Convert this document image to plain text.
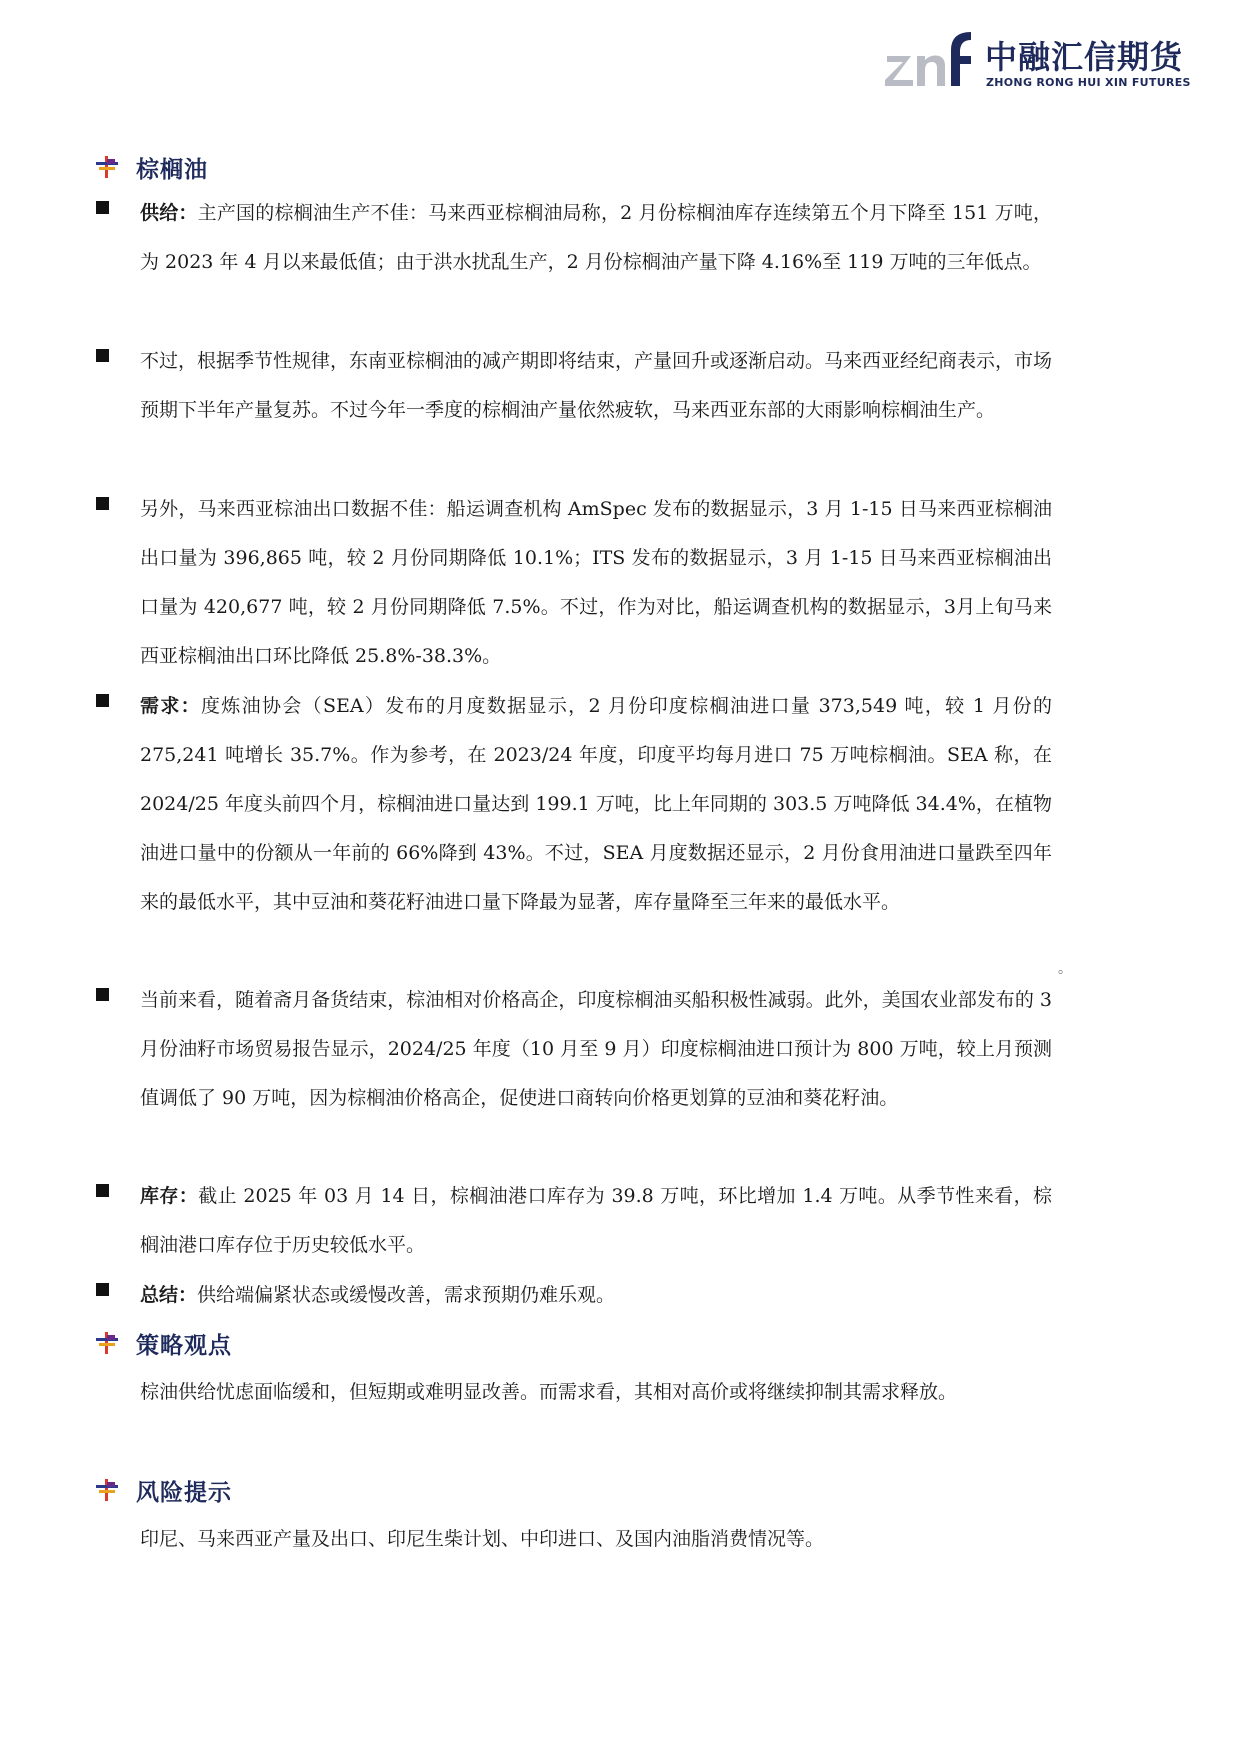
中融汇信期货
ZHONG RONG HUI XIN FUTURES
棕榈油

供给：主产国的棕榈油生产不佳：马来西亚棕榈油局称，2 月份棕榈油库存连续第五个月下降至 151 万吨，为 2023 年 4 月以来最低值；由于洪水扰乱生产，2 月份棕榈油产量下降 4.16%至 119 万吨的三年低点。

不过，根据季节性规律，东南亚棕榈油的减产期即将结束，产量回升或逐渐启动。马来西亚经纪商表示，市场预期下半年产量复苏。不过今年一季度的棕榈油产量依然疲软，马来西亚东部的大雨影响棕榈油生产。

另外，马来西亚棕油出口数据不佳：船运调查机构 AmSpec 发布的数据显示，3 月 1-15 日马来西亚棕榈油出口量为 396,865 吨，较 2 月份同期降低 10.1%；ITS 发布的数据显示，3 月 1-15 日马来西亚棕榈油出口量为 420,677 吨，较 2 月份同期降低 7.5%。不过，作为对比，船运调查机构的数据显示，3月上旬马来西亚棕榈油出口环比降低 25.8%-38.3%。

需求：度炼油协会（SEA）发布的月度数据显示，2 月份印度棕榈油进口量 373,549 吨，较 1 月份的 275,241 吨增长 35.7%。作为参考，在 2023/24 年度，印度平均每月进口 75 万吨棕榈油。SEA 称，在 2024/25 年度头前四个月，棕榈油进口量达到 199.1 万吨，比上年同期的 303.5 万吨降低 34.4%，在植物油进口量中的份额从一年前的 66%降到 43%。不过，SEA 月度数据还显示，2 月份食用油进口量跌至四年来的最低水平，其中豆油和葵花籽油进口量下降最为显著，库存量降至三年来的最低水平。

。

当前来看，随着斋月备货结束，棕油相对价格高企，印度棕榈油买船积极性减弱。此外，美国农业部发布的 3 月份油籽市场贸易报告显示，2024/25 年度（10 月至 9 月）印度棕榈油进口预计为 800 万吨，较上月预测值调低了 90 万吨，因为棕榈油价格高企，促使进口商转向价格更划算的豆油和葵花籽油。

库存：截止 2025 年 03 月 14 日，棕榈油港口库存为 39.8 万吨，环比增加 1.4 万吨。从季节性来看，棕榈油港口库存位于历史较低水平。

总结：供给端偏紧状态或缓慢改善，需求预期仍难乐观。

策略观点

棕油供给忧虑面临缓和，但短期或难明显改善。而需求看，其相对高价或将继续抑制其需求释放。

风险提示

印尼、马来西亚产量及出口、印尼生柴计划、中印进口、及国内油脂消费情况等。
